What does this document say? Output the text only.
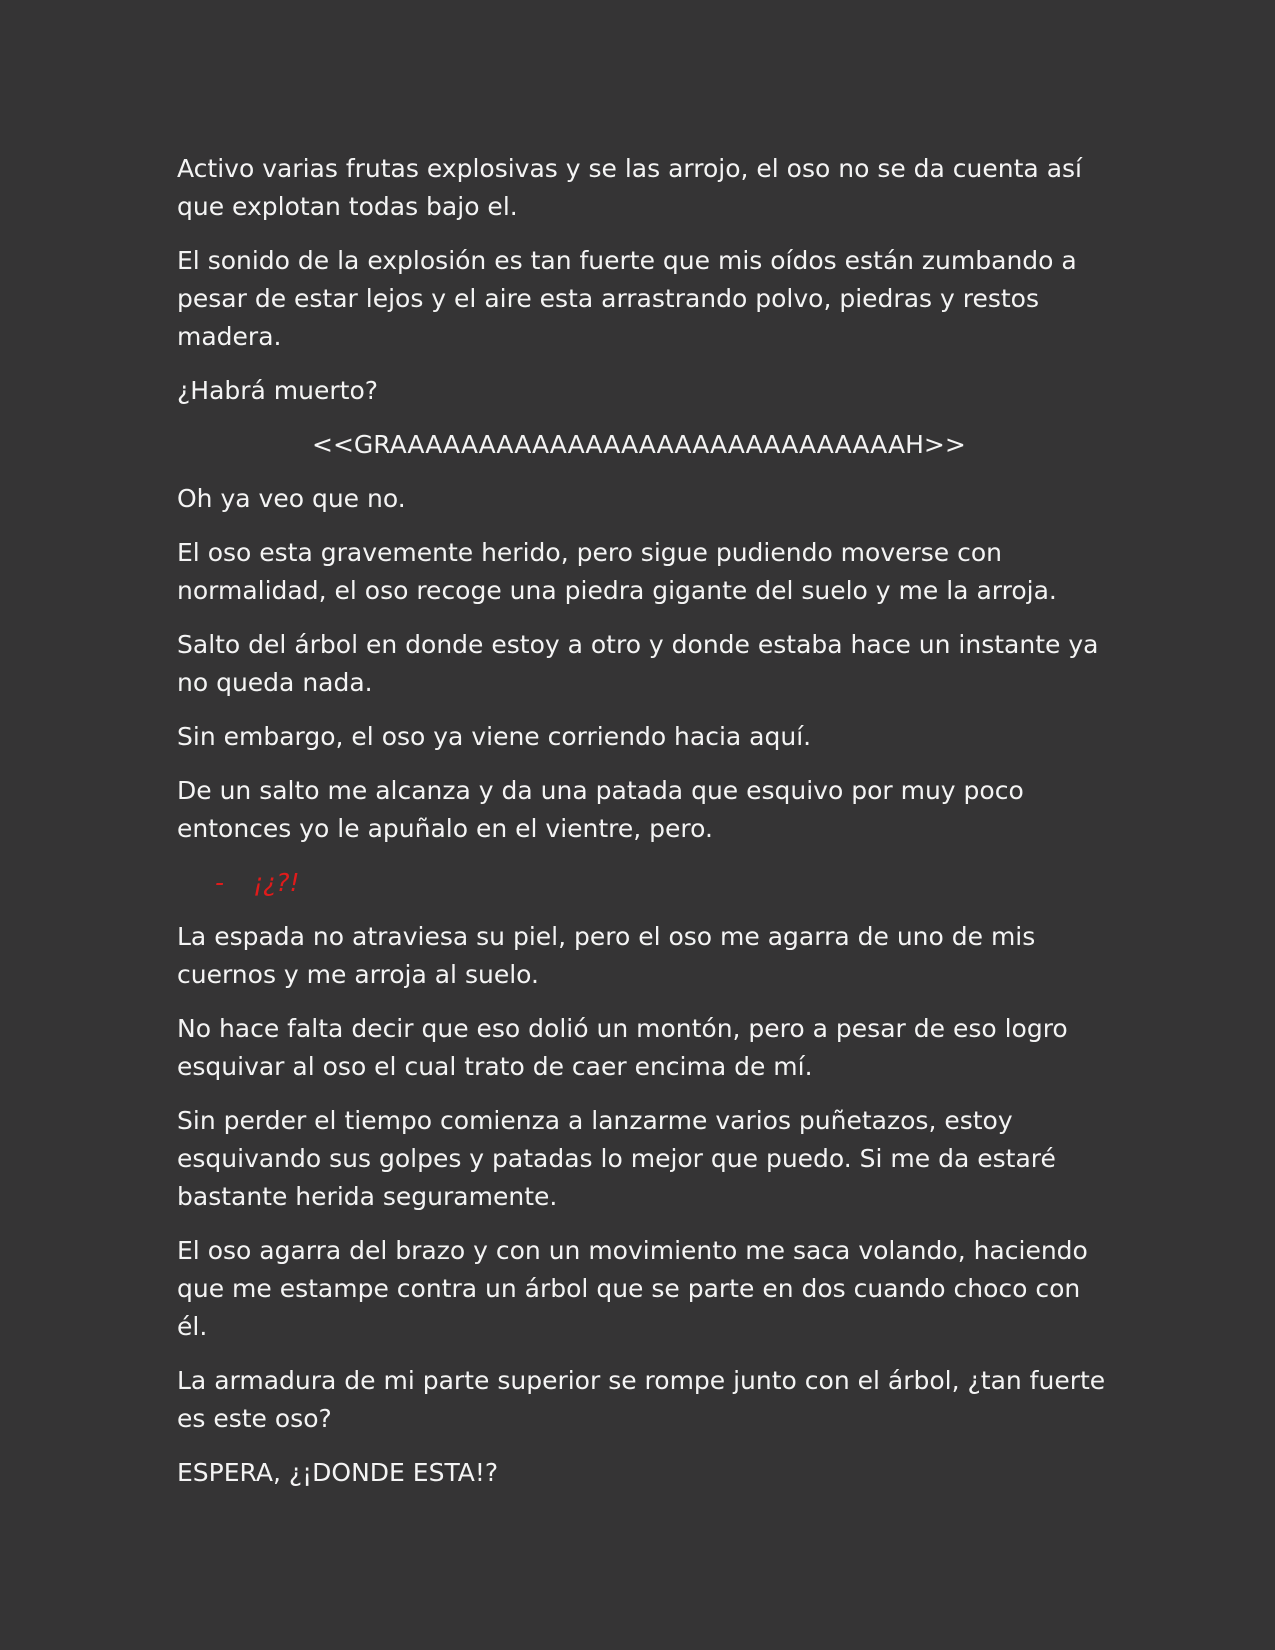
Activo varias frutas explosivas y se las arrojo, el oso no se da cuenta así que explotan todas bajo el.

El sonido de la explosión es tan fuerte que mis oídos están zumbando a pesar de estar lejos y el aire esta arrastrando polvo, piedras y restos madera.

¿Habrá muerto?

<<GRAAAAAAAAAAAAAAAAAAAAAAAAAAAAAH>>

Oh ya veo que no.

El oso esta gravemente herido, pero sigue pudiendo moverse con normalidad, el oso recoge una piedra gigante del suelo y me la arroja.

Salto del árbol en donde estoy a otro y donde estaba hace un instante ya no queda nada.

Sin embargo, el oso ya viene corriendo hacia aquí.

De un salto me alcanza y da una patada que esquivo por muy poco entonces yo le apuñalo en el vientre, pero.

-	¡¿?!

La espada no atraviesa su piel, pero el oso me agarra de uno de mis cuernos y me arroja al suelo.

No hace falta decir que eso dolió un montón, pero a pesar de eso logro esquivar al oso el cual trato de caer encima de mí.

Sin perder el tiempo comienza a lanzarme varios puñetazos, estoy esquivando sus golpes y patadas lo mejor que puedo. Si me da estaré bastante herida seguramente.

El oso agarra del brazo y con un movimiento me saca volando, haciendo que me estampe contra un árbol que se parte en dos cuando choco con él.

La armadura de mi parte superior se rompe junto con el árbol, ¿tan fuerte es este oso?

ESPERA, ¿¡DONDE ESTA!?
